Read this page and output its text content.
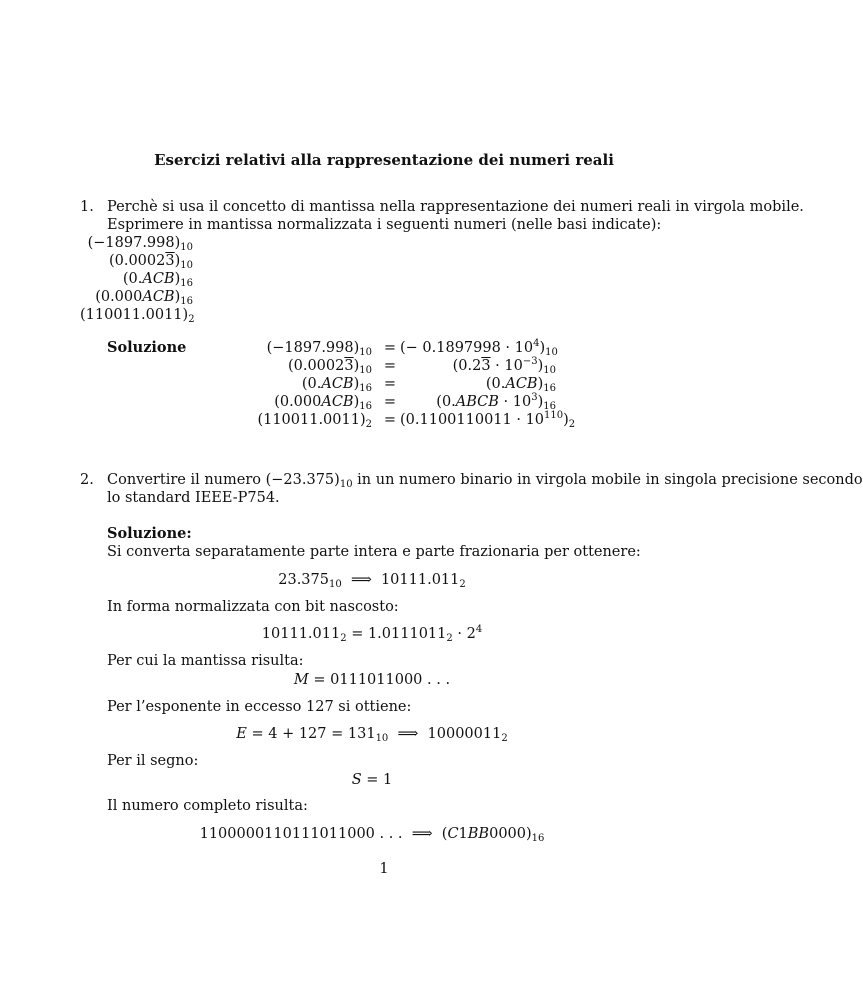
Esercizi relativi alla rappresentazione dei numeri reali
1. Perchè si usa il concetto di mantissa nella rappresentazione dei numeri reali in virgola mobile.
Esprimere in mantissa normalizzata i seguenti numeri (nelle basi indicate):
$(-1897.998)_{10}$
$(0.00023)_{10}$
$(0.ACB)_{16}$
$(0.000ACB)_{16}$
$(110011.0011)_2$
Soluzione	$(-1897.998)_{10}$
$(0.00023)_{10}$
$(0.ACB)_{16}$
$(0.000ACB)_{16}$
$(110011.0011)_2$
=
=
=
=
=
(− $0.1897998 \cdot 10^4)_{10}$
$(0.23 \cdot 10^{-3})_{10}$
$(0.ACB)_{16}$
(0.ABCB · $10^3)_{16}$
$(0.1100110011 \cdot 10^{110})_2$
2. Convertire il numero $(-23.375)_{10}$ in un numero binario in virgola mobile in singola precisione secondo
lo standard IEEE-P754.
Soluzione:
Si converta separatamente parte intera e parte frazionaria per ottenere:
$23.375_{10}$  ⟹  $10111.011_2$
In forma normalizzata con bit nascosto:
$10111.011_2 = 1.0111011_2 \cdot 2^4$
Per cui la mantissa risulta:
M = 0111011000 . . .
Per l’esponente in eccesso 127 si ottiene:
$E = 4 + 127 = 131_{10}$  ⟹  $10000011_2$
Per il segno:
S = 1
Il numero completo risulta:
1100000110111011000 . . .  ⟹  $(C1BB0000)_{16}$
1
